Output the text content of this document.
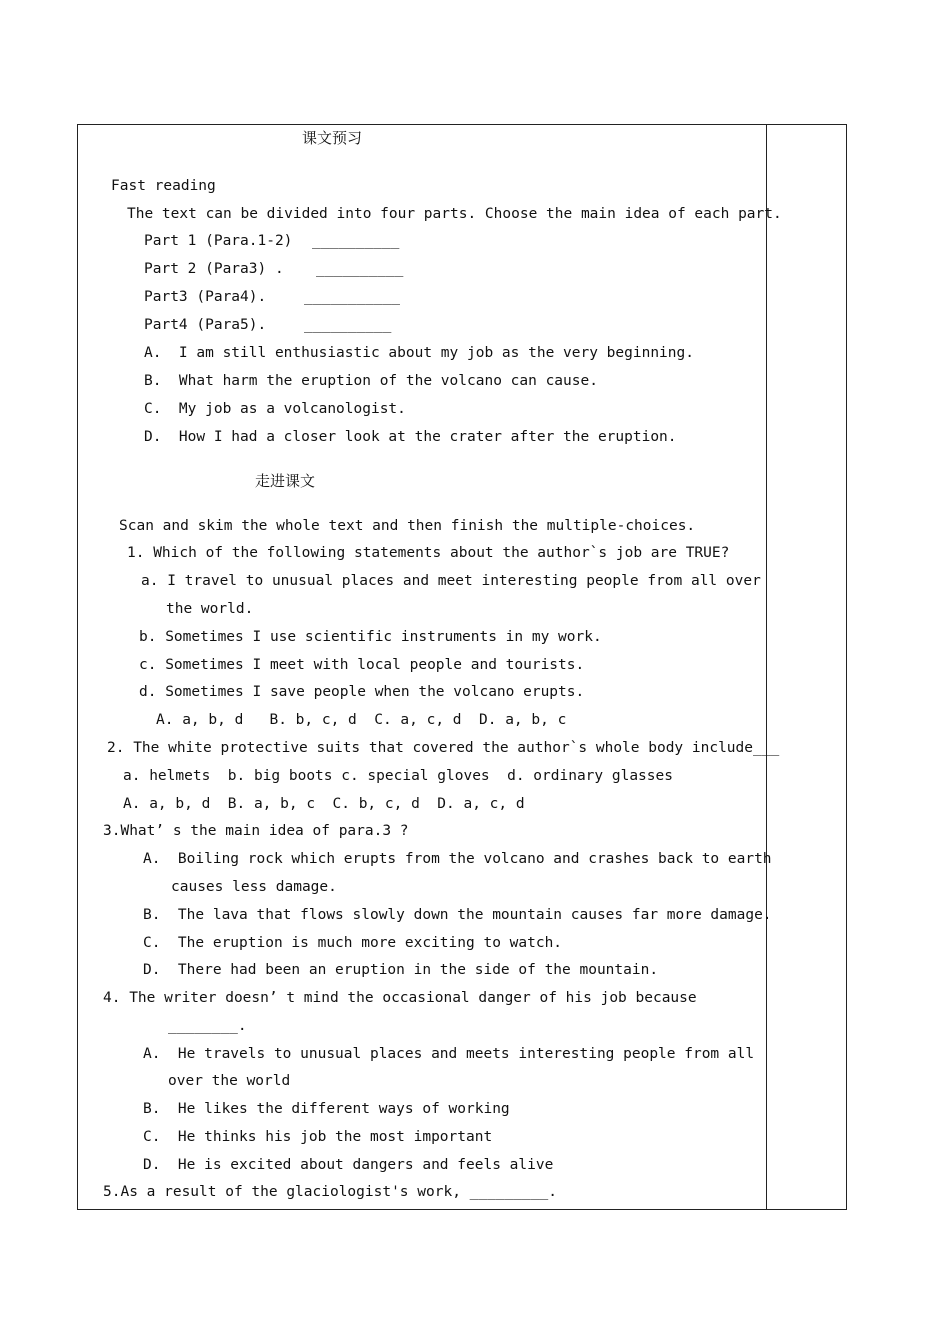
课文预习
Fast reading
The text can be divided into four parts. Choose the main idea of each part.
Part 1 (Para.1-2) __________
Part 2 (Para3) . __________
Part3 (Para4).	___________
Part4 (Para5).	__________
A.  I am still enthusiastic about my job as the very beginning.
B.  What harm the eruption of the volcano can cause.
C.  My job as a volcanologist.
D.  How I had a closer look at the crater after the eruption.
走进课文
Scan and skim the whole text and then finish the multiple-choices.
1. Which of the following statements about the author`s job are TRUE?
a. I travel to unusual places and meet interesting people from all over
the world.
b. Sometimes I use scientific instruments in my work.
c. Sometimes I meet with local people and tourists.
d. Sometimes I save people when the volcano erupts.
A. a, b, d   B. b, c, d  C. a, c, d  D. a, b, c
2. The white protective suits that covered the author`s whole body include___
a. helmets  b. big boots c. special gloves  d. ordinary glasses
A. a, b, d  B. a, b, c  C. b, c, d  D. a, c, d
3.What’ s the main idea of para.3 ?
A.  Boiling rock which erupts from the volcano and crashes back to earth
causes less damage.
B.  The lava that flows slowly down the mountain causes far more damage.
C.  The eruption is much more exciting to watch.
D.  There had been an eruption in the side of the mountain.
4. The writer doesn’ t mind the occasional danger of his job because
________.
A.  He travels to unusual places and meets interesting people from all
over the world
B.  He likes the different ways of working
C.  He thinks his job the most important
D.  He is excited about dangers and feels alive
5.As a result of the glaciologist's work, _________.
